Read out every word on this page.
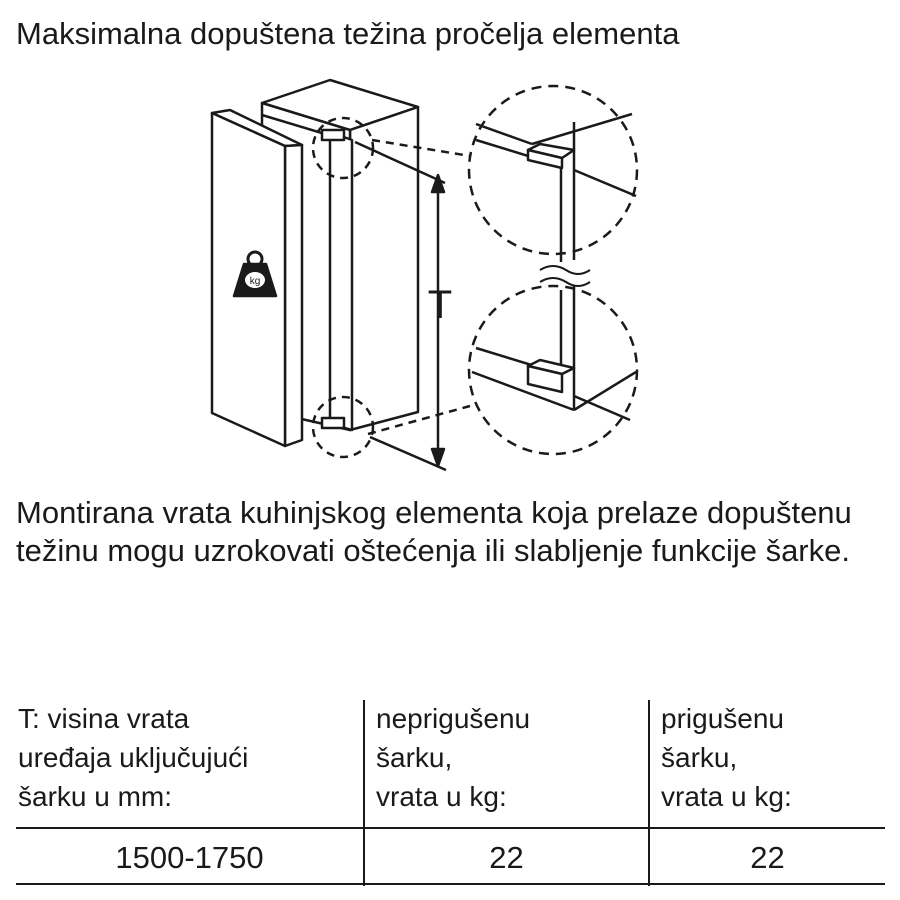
Maksimalna dopuštena težina pročelja elementa
kg
T

Montirana vrata kuhinjskog elementa koja prelaze dopuštenu težinu mogu uzrokovati oštećenja ili slabljenje funkcije šarke.

T: visina vrata
uređaja uključujući
šarku u mm:
neprigušenu
šarku,
vrata u kg:
prigušenu
šarku,
vrata u kg:
1500-1750	22	22
